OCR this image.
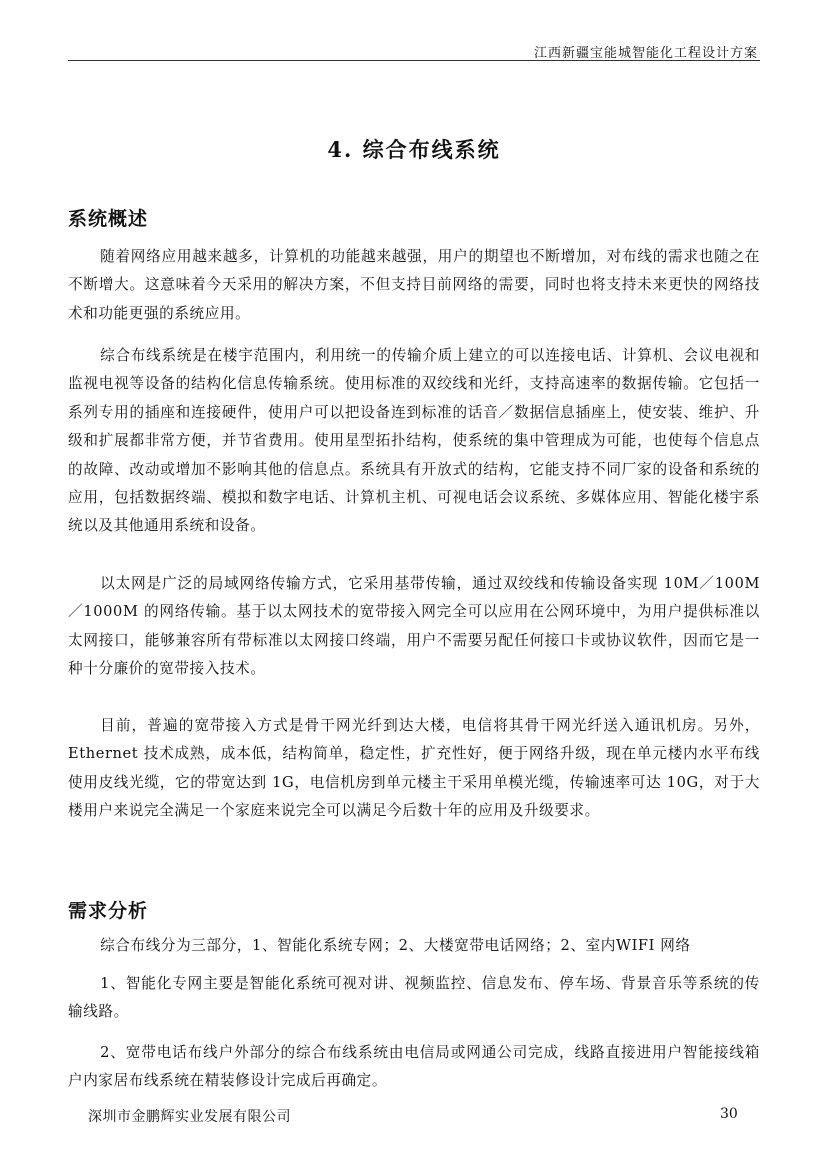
江西新疆宝能城智能化工程设计方案
4. 综合布线系统
系统概述

随着网络应用越来越多，计算机的功能越来越强，用户的期望也不断增加，对布线的需求也随之在不断增大。这意味着今天采用的解决方案，不但支持目前网络的需要，同时也将支持未来更快的网络技术和功能更强的系统应用。

综合布线系统是在楼宇范围内，利用统一的传输介质上建立的可以连接电话、计算机、会议电视和监视电视等设备的结构化信息传输系统。使用标准的双绞线和光纤，支持高速率的数据传输。它包括一系列专用的插座和连接硬件，使用户可以把设备连到标准的话音／数据信息插座上，使安装、维护、升级和扩展都非常方便，并节省费用。使用星型拓扑结构，使系统的集中管理成为可能，也使每个信息点的故障、改动或增加不影响其他的信息点。系统具有开放式的结构，它能支持不同厂家的设备和系统的应用，包括数据终端、模拟和数字电话、计算机主机、可视电话会议系统、多媒体应用、智能化楼宇系统以及其他通用系统和设备。

以太网是广泛的局域网络传输方式，它采用基带传输，通过双绞线和传输设备实现 10M／100M／1000M 的网络传输。基于以太网技术的宽带接入网完全可以应用在公网环境中，为用户提供标准以太网接口，能够兼容所有带标准以太网接口终端，用户不需要另配任何接口卡或协议软件，因而它是一种十分廉价的宽带接入技术。

目前，普遍的宽带接入方式是骨干网光纤到达大楼，电信将其骨干网光纤送入通讯机房。另外，Ethernet 技术成熟，成本低，结构简单，稳定性，扩充性好，便于网络升级，现在单元楼内水平布线使用皮线光缆，它的带宽达到 1G，电信机房到单元楼主干采用单模光缆，传输速率可达 10G，对于大楼用户来说完全满足一个家庭来说完全可以满足今后数十年的应用及升级要求。

需求分析

综合布线分为三部分，1、智能化系统专网；2、大楼宽带电话网络；2、室内WIFI 网络

1、智能化专网主要是智能化系统可视对讲、视频监控、信息发布、停车场、背景音乐等系统的传输线路。

2、宽带电话布线户外部分的综合布线系统由电信局或网通公司完成，线路直接进用户智能接线箱户内家居布线系统在精装修设计完成后再确定。

深圳市金鹏辉实业发展有限公司	30
